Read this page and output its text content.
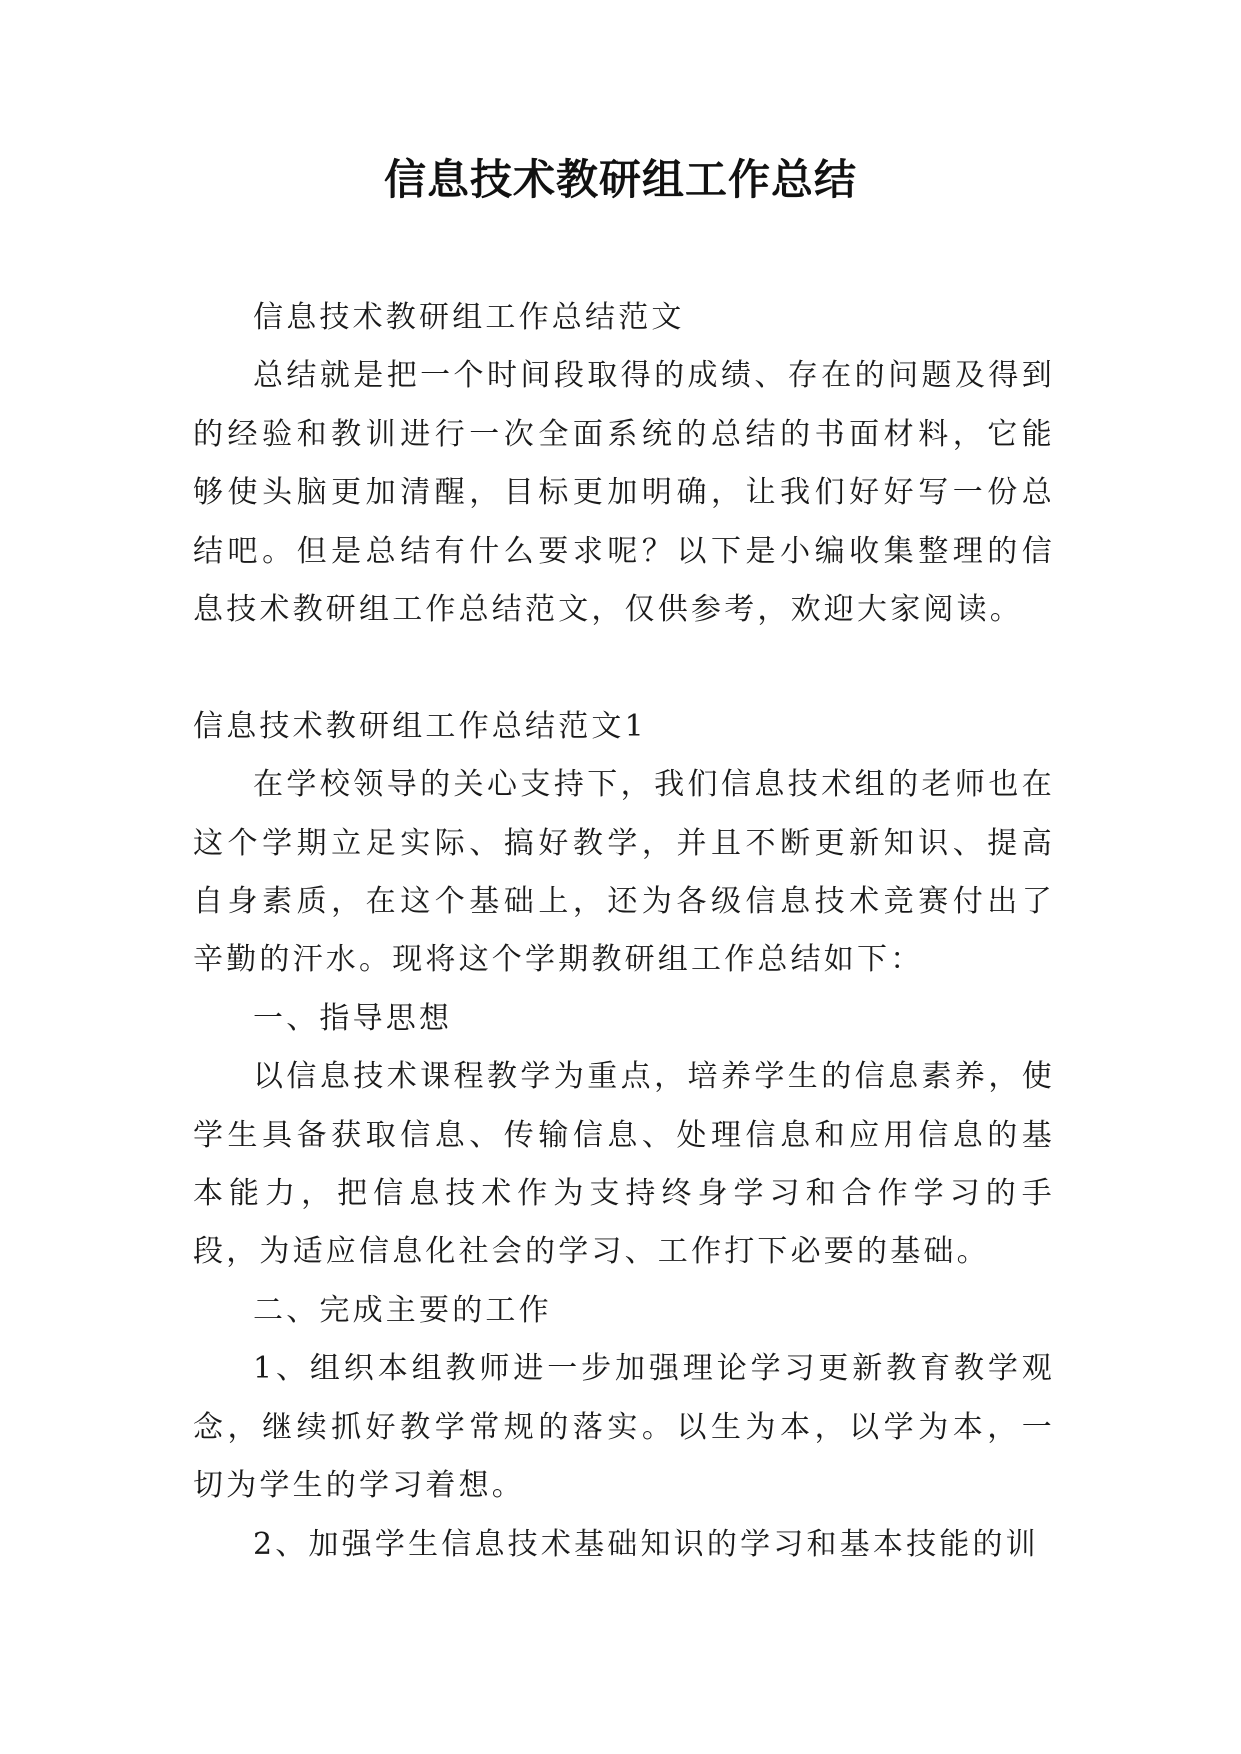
信息技术教研组工作总结

信息技术教研组工作总结范文

总结就是把一个时间段取得的成绩、存在的问题及得到的经验和教训进行一次全面系统的总结的书面材料，它能够使头脑更加清醒，目标更加明确，让我们好好写一份总结吧。但是总结有什么要求呢？以下是小编收集整理的信息技术教研组工作总结范文，仅供参考，欢迎大家阅读。

信息技术教研组工作总结范文1

在学校领导的关心支持下，我们信息技术组的老师也在这个学期立足实际、搞好教学，并且不断更新知识、提高自身素质，在这个基础上，还为各级信息技术竞赛付出了辛勤的汗水。现将这个学期教研组工作总结如下：

一、指导思想

以信息技术课程教学为重点，培养学生的信息素养，使学生具备获取信息、传输信息、处理信息和应用信息的基本能力，把信息技术作为支持终身学习和合作学习的手段，为适应信息化社会的学习、工作打下必要的基础。

二、完成主要的工作

1、组织本组教师进一步加强理论学习更新教育教学观念，继续抓好教学常规的落实。以生为本，以学为本，一切为学生的学习着想。

2、加强学生信息技术基础知识的学习和基本技能的训
